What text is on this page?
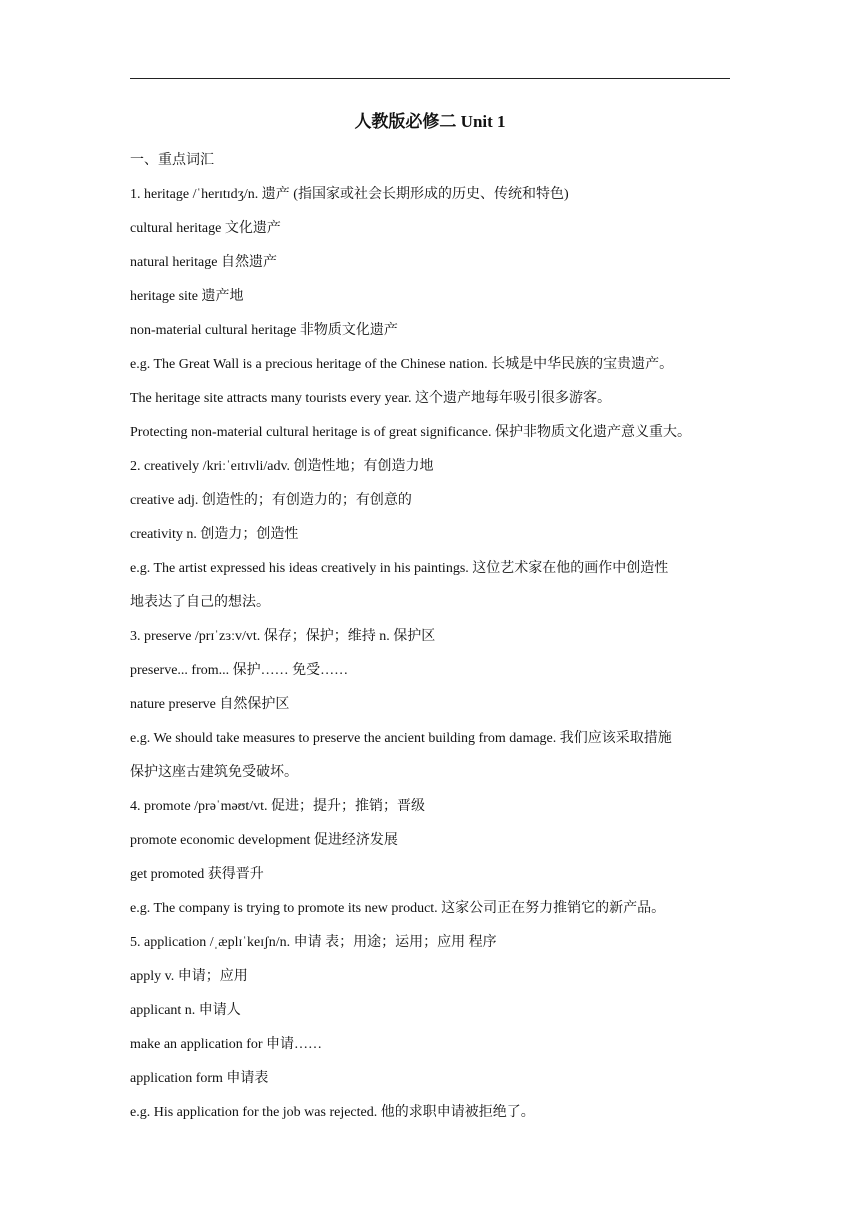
人教版必修二 Unit 1
一、重点词汇
1. heritage /ˈherɪtɪdʒ/n. 遗产 (指国家或社会长期形成的历史、传统和特色)
cultural heritage 文化遗产
natural heritage 自然遗产
heritage site 遗产地
non-material cultural heritage 非物质文化遗产
e.g. The Great Wall is a precious heritage of the Chinese nation. 长城是中华民族的宝贵遗产。
The heritage site attracts many tourists every year. 这个遗产地每年吸引很多游客。
Protecting non-material cultural heritage is of great significance. 保护非物质文化遗产意义重大。
2. creatively /kriːˈeɪtɪvli/adv. 创造性地；有创造力地
creative adj. 创造性的；有创造力的；有创意的
creativity n. 创造力；创造性
e.g. The artist expressed his ideas creatively in his paintings. 这位艺术家在他的画作中创造性
地表达了自己的想法。
3. preserve /prɪˈzɜːv/vt. 保存；保护；维持 n. 保护区
preserve... from... 保护…… 免受……
nature preserve 自然保护区
e.g. We should take measures to preserve the ancient building from damage. 我们应该采取措施
保护这座古建筑免受破坏。
4. promote /prəˈməʊt/vt. 促进；提升；推销；晋级
promote economic development 促进经济发展
get promoted 获得晋升
e.g. The company is trying to promote its new product. 这家公司正在努力推销它的新产品。
5. application /ˌæplɪˈkeɪʃn/n. 申请 表；用途；运用；应用 程序
apply v. 申请；应用
applicant n. 申请人
make an application for 申请……
application form 申请表
e.g. His application for the job was rejected. 他的求职申请被拒绝了。
